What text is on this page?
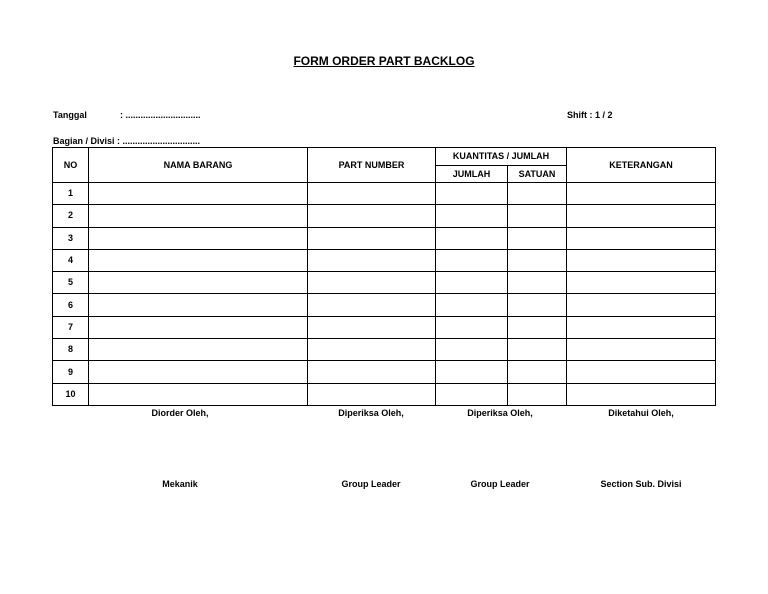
FORM ORDER PART BACKLOG
Tanggal	: ..............................	Shift : 1 / 2
Bagian / Divisi : ...............................
NO	NAMA BARANG	PART NUMBER	KUANTITAS / JUMLAH		KETERANGAN
			JUMLAH	SATUAN	
1					
2					
3					
4					
5					
6					
7					
8					
9					
10					
Diorder Oleh,	Diperiksa Oleh,	Diperiksa Oleh,	Diketahui Oleh,
Mekanik	Group Leader	Group Leader	Section Sub. Divisi
